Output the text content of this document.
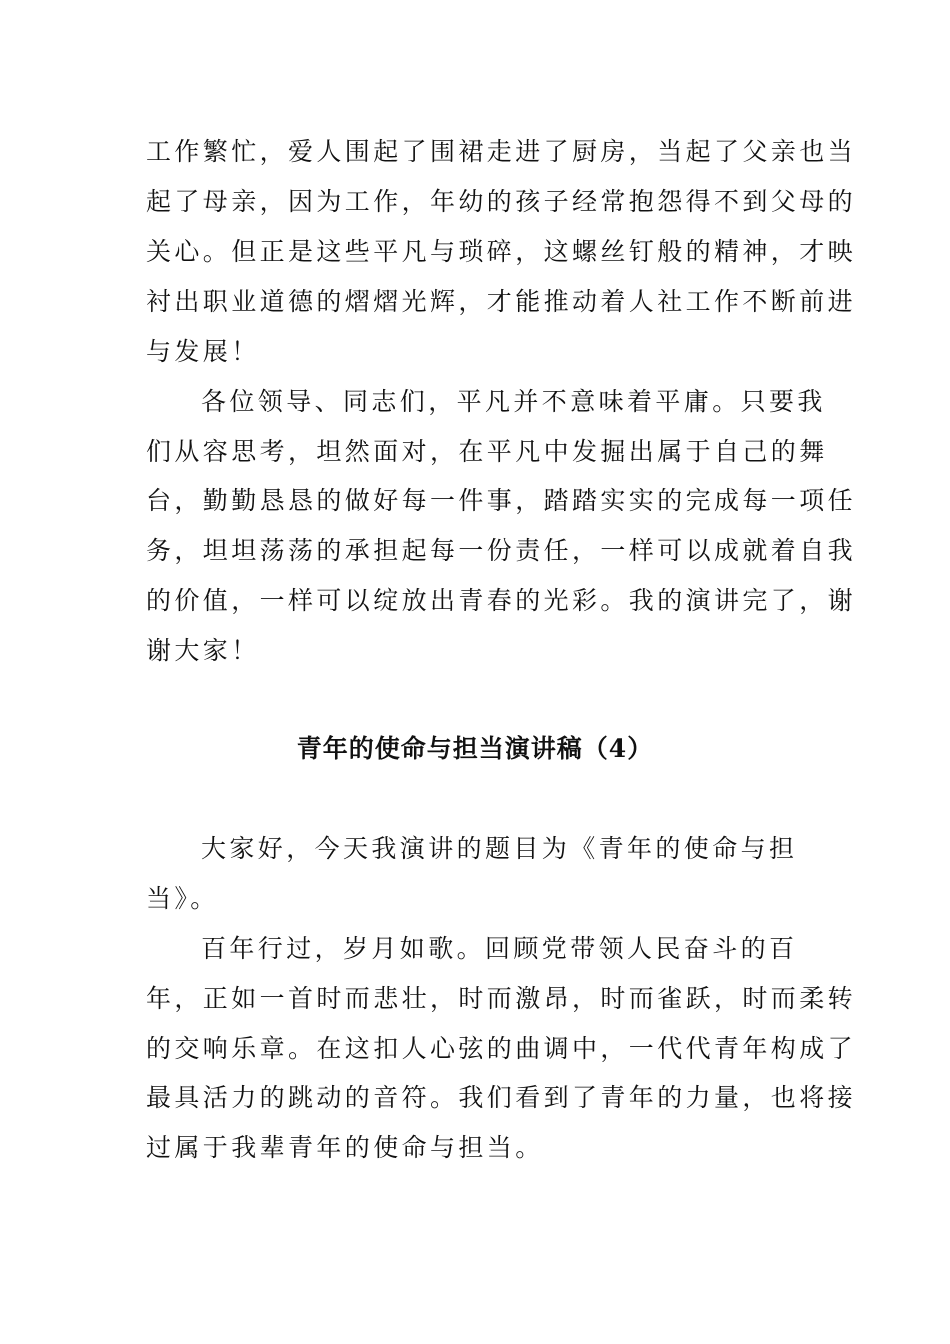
工作繁忙，爱人围起了围裙走进了厨房，当起了父亲也当
起了母亲，因为工作，年幼的孩子经常抱怨得不到父母的
关心。但正是这些平凡与琐碎，这螺丝钉般的精神，才映
衬出职业道德的熠熠光辉，才能推动着人社工作不断前进
与发展！
各位领导、同志们，平凡并不意味着平庸。只要我
们从容思考，坦然面对，在平凡中发掘出属于自己的舞
台，勤勤恳恳的做好每一件事，踏踏实实的完成每一项任
务，坦坦荡荡的承担起每一份责任，一样可以成就着自我
的价值，一样可以绽放出青春的光彩。我的演讲完了，谢
谢大家！
青年的使命与担当演讲稿（4）
大家好，今天我演讲的题目为《青年的使命与担
当》。
百年行过，岁月如歌。回顾党带领人民奋斗的百
年，正如一首时而悲壮，时而激昂，时而雀跃，时而柔转
的交响乐章。在这扣人心弦的曲调中，一代代青年构成了
最具活力的跳动的音符。我们看到了青年的力量，也将接
过属于我辈青年的使命与担当。
